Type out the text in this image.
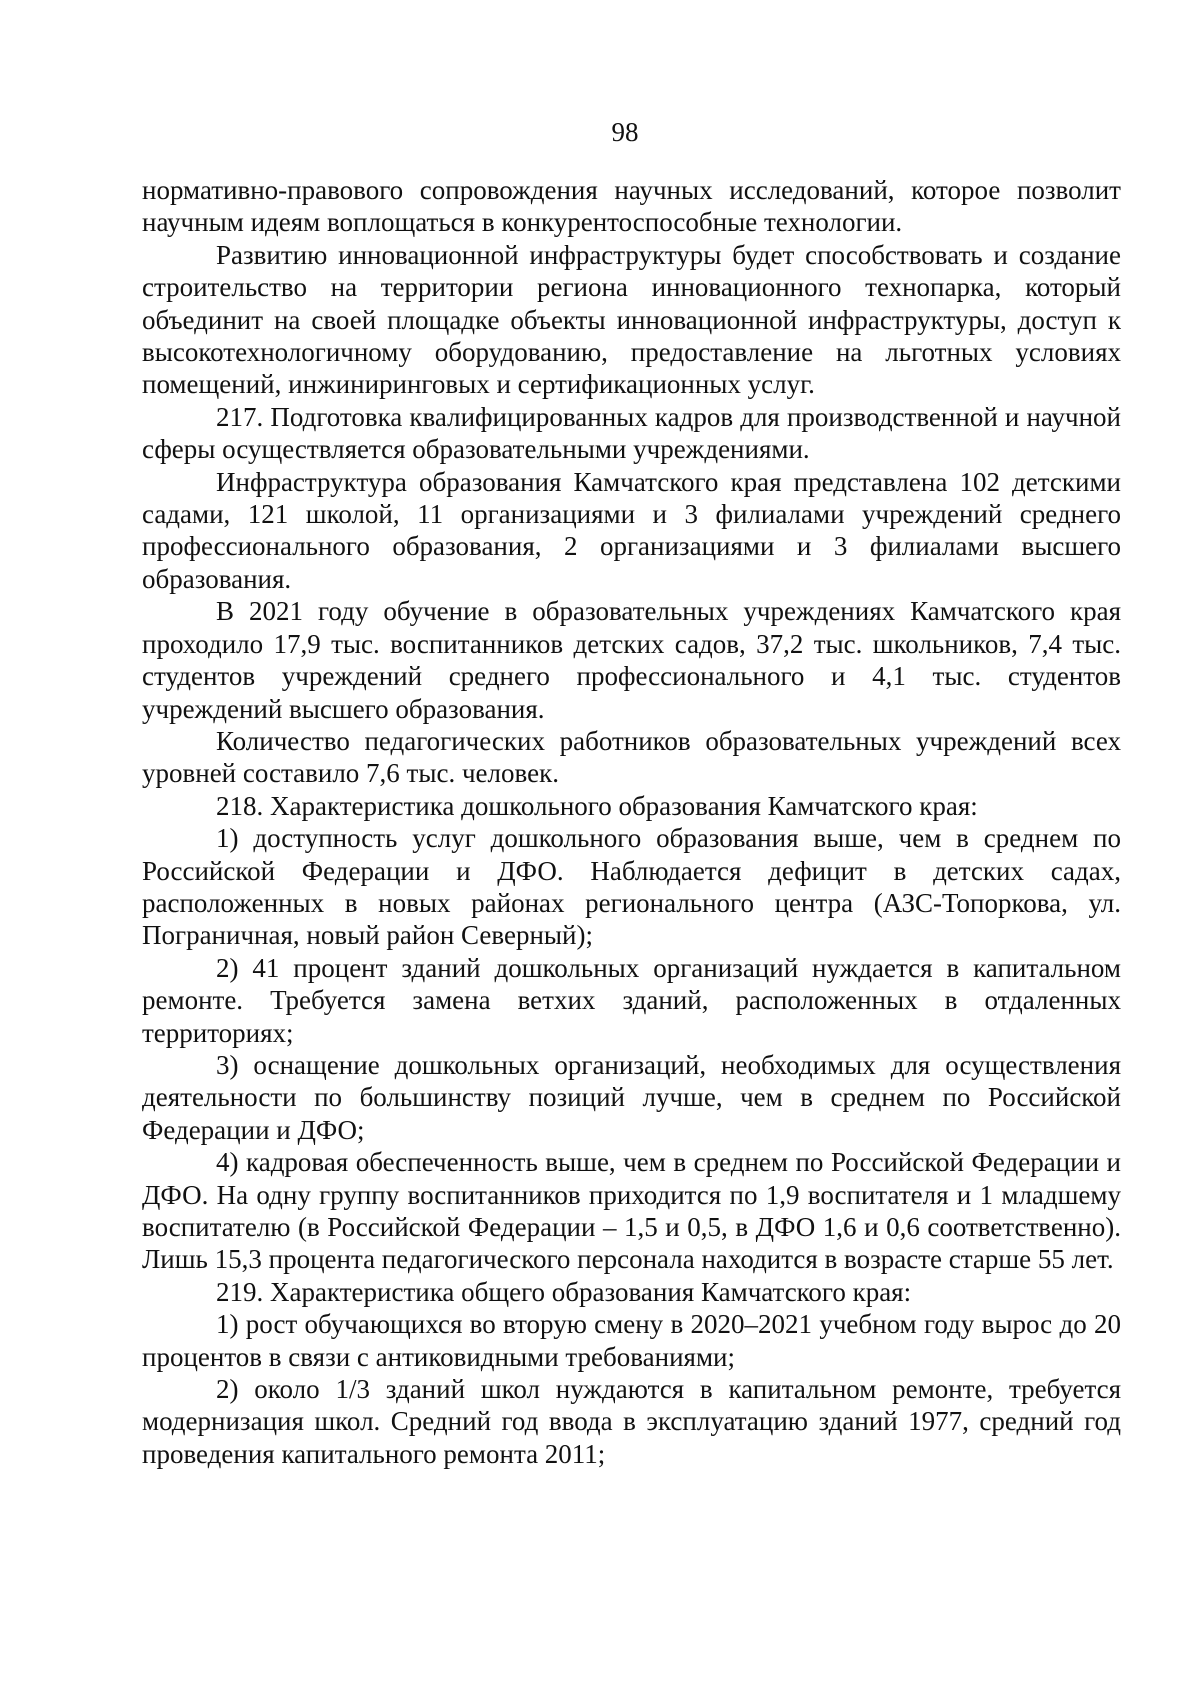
98

нормативно-правового сопровождения научных исследований, которое позволит научным идеям воплощаться в конкурентоспособные технологии.

Развитию инновационной инфраструктуры будет способствовать и создание строительство на территории региона инновационного технопарка, который объединит на своей площадке объекты инновационной инфраструктуры, доступ к высокотехнологичному оборудованию, предоставление на льготных условиях помещений, инжиниринговых и сертификационных услуг.

217. Подготовка квалифицированных кадров для производственной и научной сферы осуществляется образовательными учреждениями.

Инфраструктура образования Камчатского края представлена 102 детскими садами, 121 школой, 11 организациями и 3 филиалами учреждений среднего профессионального образования, 2 организациями и 3 филиалами высшего образования.

В 2021 году обучение в образовательных учреждениях Камчатского края проходило 17,9 тыс. воспитанников детских садов, 37,2 тыс. школьников, 7,4 тыс. студентов учреждений среднего профессионального и 4,1 тыс. студентов учреждений высшего образования.

Количество педагогических работников образовательных учреждений всех уровней составило 7,6 тыс. человек.

218. Характеристика дошкольного образования Камчатского края:

1) доступность услуг дошкольного образования выше, чем в среднем по Российской Федерации и ДФО. Наблюдается дефицит в детских садах, расположенных в новых районах регионального центра (АЗС-Топоркова, ул. Пограничная, новый район Северный);

2) 41 процент зданий дошкольных организаций нуждается в капитальном ремонте. Требуется замена ветхих зданий, расположенных в отдаленных территориях;

3) оснащение дошкольных организаций, необходимых для осуществления деятельности по большинству позиций лучше, чем в среднем по Российской Федерации и ДФО;

4) кадровая обеспеченность выше, чем в среднем по Российской Федерации и ДФО. На одну группу воспитанников приходится по 1,9 воспитателя и 1 младшему воспитателю (в Российской Федерации – 1,5 и 0,5, в ДФО 1,6 и 0,6 соответственно). Лишь 15,3 процента педагогического персонала находится в возрасте старше 55 лет.

219. Характеристика общего образования Камчатского края:

1) рост обучающихся во вторую смену в 2020–2021 учебном году вырос до 20 процентов в связи с антиковидными требованиями;

2) около 1/3 зданий школ нуждаются в капитальном ремонте, требуется модернизация школ. Средний год ввода в эксплуатацию зданий 1977, средний год проведения капитального ремонта 2011;
